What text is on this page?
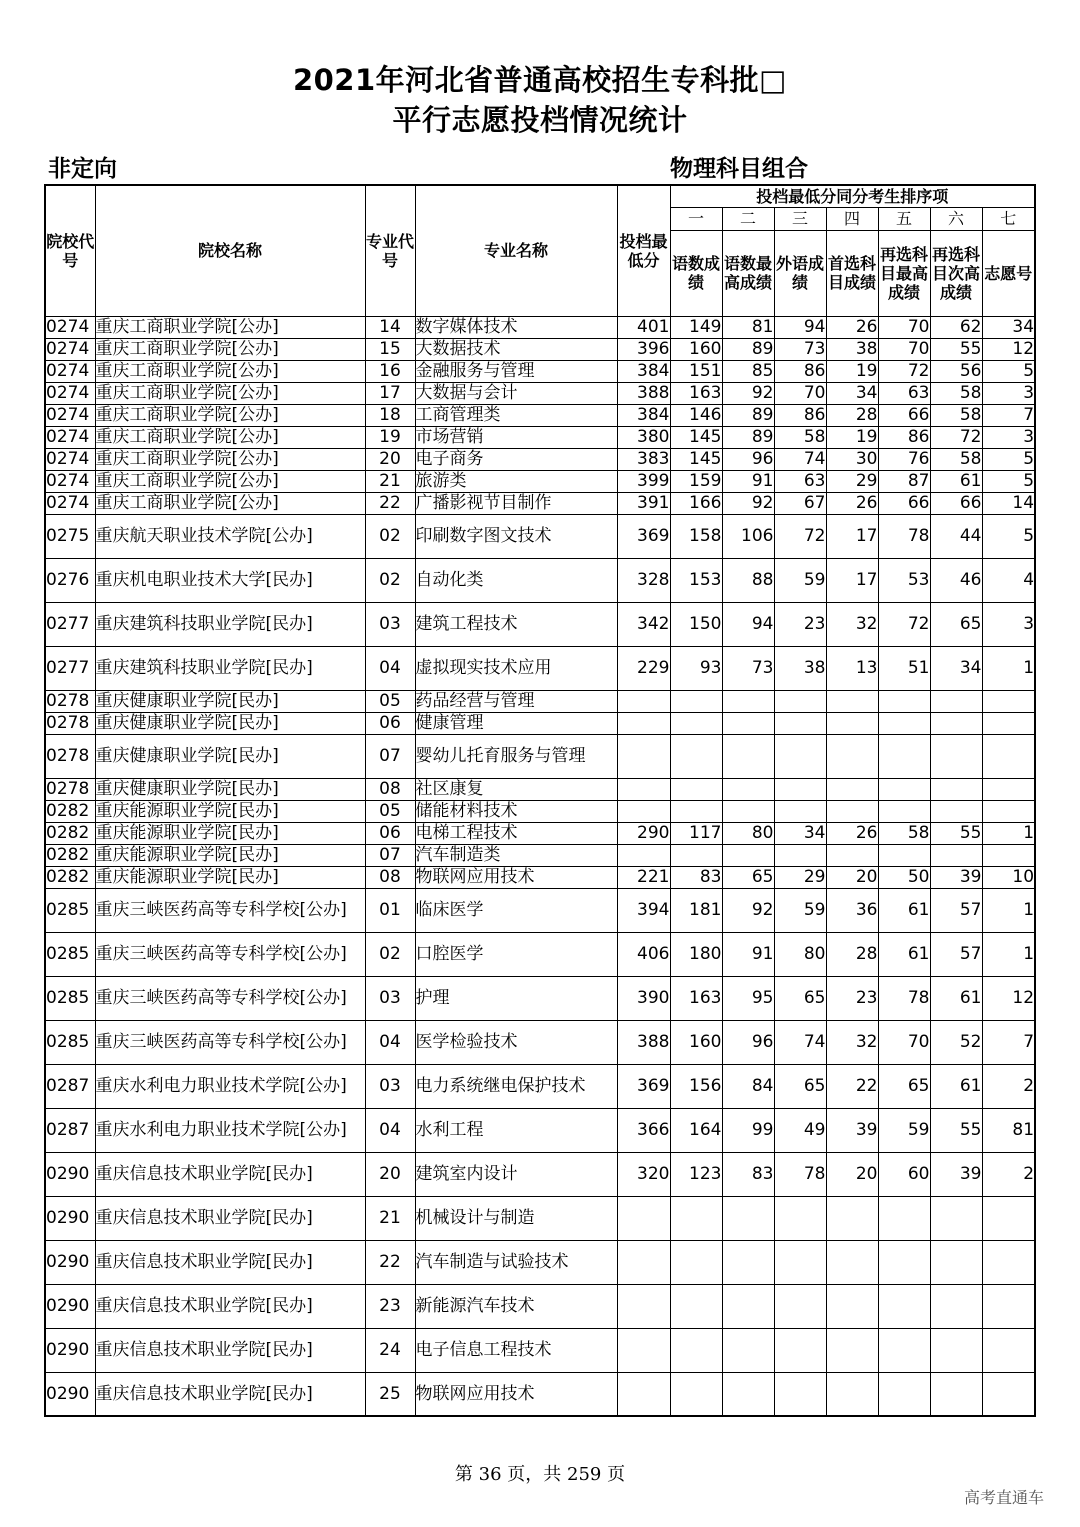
2021年河北省普通高校招生专科批□
平行志愿投档情况统计
非定向	物理科目组合
院校代号	院校名称	专业代号	专业名称	投档最低分	投档最低分同分考生排序项						
					一	二	三	四	五	六	七
					语数成绩	语数最高成绩	外语成绩	首选科目成绩	再选科目最高成绩	再选科目次高成绩	志愿号
0274	重庆工商职业学院[公办]	14	数字媒体技术	401	149	81	94	26	70	62	34
0274	重庆工商职业学院[公办]	15	大数据技术	396	160	89	73	38	70	55	12
0274	重庆工商职业学院[公办]	16	金融服务与管理	384	151	85	86	19	72	56	5
0274	重庆工商职业学院[公办]	17	大数据与会计	388	163	92	70	34	63	58	3
0274	重庆工商职业学院[公办]	18	工商管理类	384	146	89	86	28	66	58	7
0274	重庆工商职业学院[公办]	19	市场营销	380	145	89	58	19	86	72	3
0274	重庆工商职业学院[公办]	20	电子商务	383	145	96	74	30	76	58	5
0274	重庆工商职业学院[公办]	21	旅游类	399	159	91	63	29	87	61	5
0274	重庆工商职业学院[公办]	22	广播影视节目制作	391	166	92	67	26	66	66	14
0275	重庆航天职业技术学院[公办]	02	印刷数字图文技术	369	158	106	72	17	78	44	5
0276	重庆机电职业技术大学[民办]	02	自动化类	328	153	88	59	17	53	46	4
0277	重庆建筑科技职业学院[民办]	03	建筑工程技术	342	150	94	23	32	72	65	3
0277	重庆建筑科技职业学院[民办]	04	虚拟现实技术应用	229	93	73	38	13	51	34	1
0278	重庆健康职业学院[民办]	05	药品经营与管理								
0278	重庆健康职业学院[民办]	06	健康管理								
0278	重庆健康职业学院[民办]	07	婴幼儿托育服务与管理								
0278	重庆健康职业学院[民办]	08	社区康复								
0282	重庆能源职业学院[民办]	05	储能材料技术								
0282	重庆能源职业学院[民办]	06	电梯工程技术	290	117	80	34	26	58	55	1
0282	重庆能源职业学院[民办]	07	汽车制造类								
0282	重庆能源职业学院[民办]	08	物联网应用技术	221	83	65	29	20	50	39	10
0285	重庆三峡医药高等专科学校[公办]	01	临床医学	394	181	92	59	36	61	57	1
0285	重庆三峡医药高等专科学校[公办]	02	口腔医学	406	180	91	80	28	61	57	1
0285	重庆三峡医药高等专科学校[公办]	03	护理	390	163	95	65	23	78	61	12
0285	重庆三峡医药高等专科学校[公办]	04	医学检验技术	388	160	96	74	32	70	52	7
0287	重庆水利电力职业技术学院[公办]	03	电力系统继电保护技术	369	156	84	65	22	65	61	2
0287	重庆水利电力职业技术学院[公办]	04	水利工程	366	164	99	49	39	59	55	81
0290	重庆信息技术职业学院[民办]	20	建筑室内设计	320	123	83	78	20	60	39	2
0290	重庆信息技术职业学院[民办]	21	机械设计与制造								
0290	重庆信息技术职业学院[民办]	22	汽车制造与试验技术								
0290	重庆信息技术职业学院[民办]	23	新能源汽车技术								
0290	重庆信息技术职业学院[民办]	24	电子信息工程技术								
0290	重庆信息技术职业学院[民办]	25	物联网应用技术								
第 36 页，共 259 页
高考直通车
